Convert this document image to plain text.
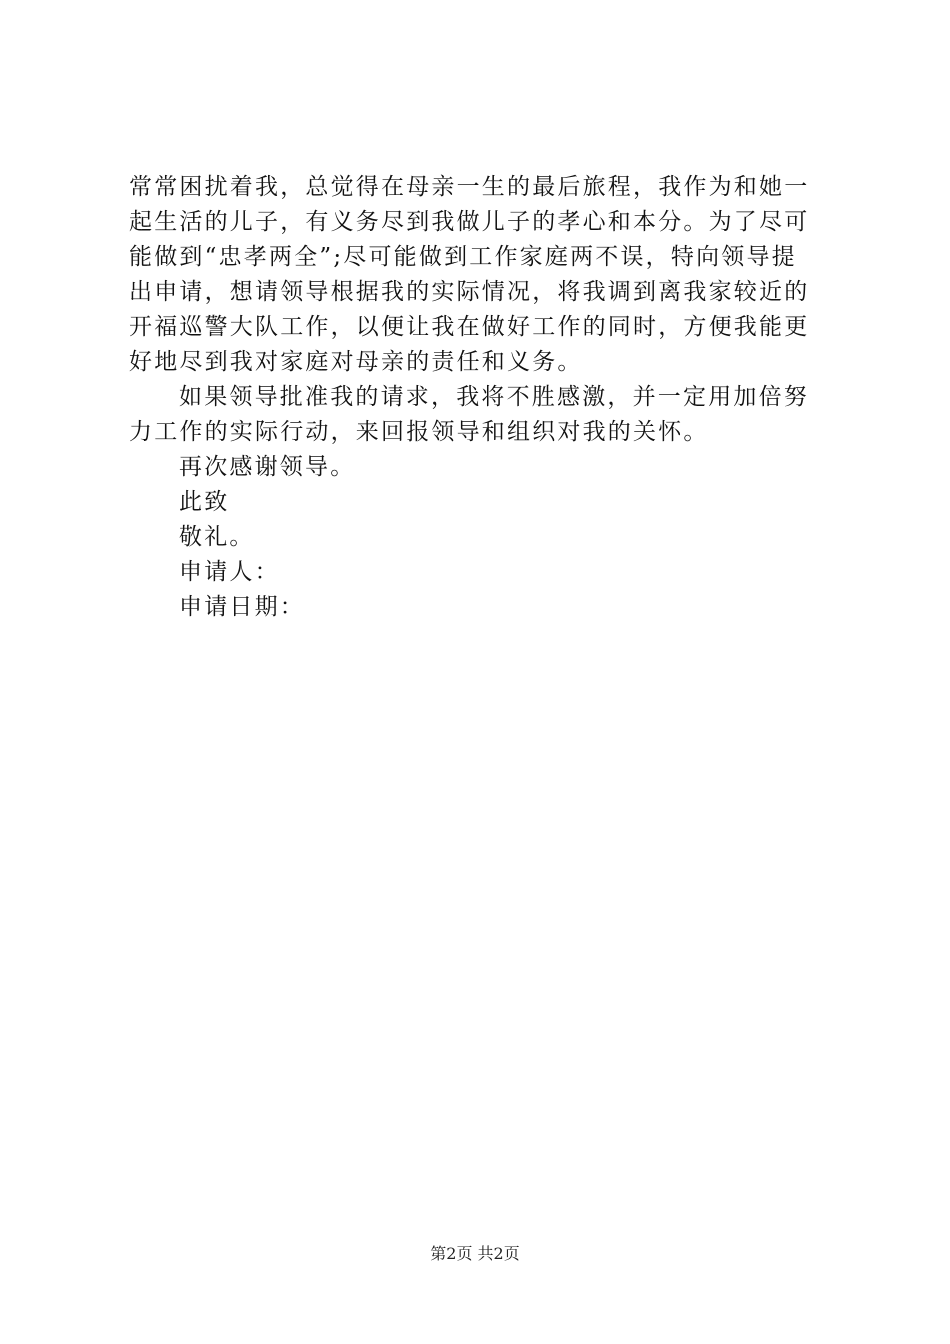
常常困扰着我，总觉得在母亲一生的最后旅程，我作为和她一
起生活的儿子，有义务尽到我做儿子的孝心和本分。为了尽可
能做到“忠孝两全”;尽可能做到工作家庭两不误，特向领导提
出申请，想请领导根据我的实际情况，将我调到离我家较近的
开福巡警大队工作，以便让我在做好工作的同时，方便我能更
好地尽到我对家庭对母亲的责任和义务。
如果领导批准我的请求，我将不胜感激，并一定用加倍努
力工作的实际行动，来回报领导和组织对我的关怀。
再次感谢领导。
此致
敬礼。
申请人：
申请日期：
第2页 共2页
